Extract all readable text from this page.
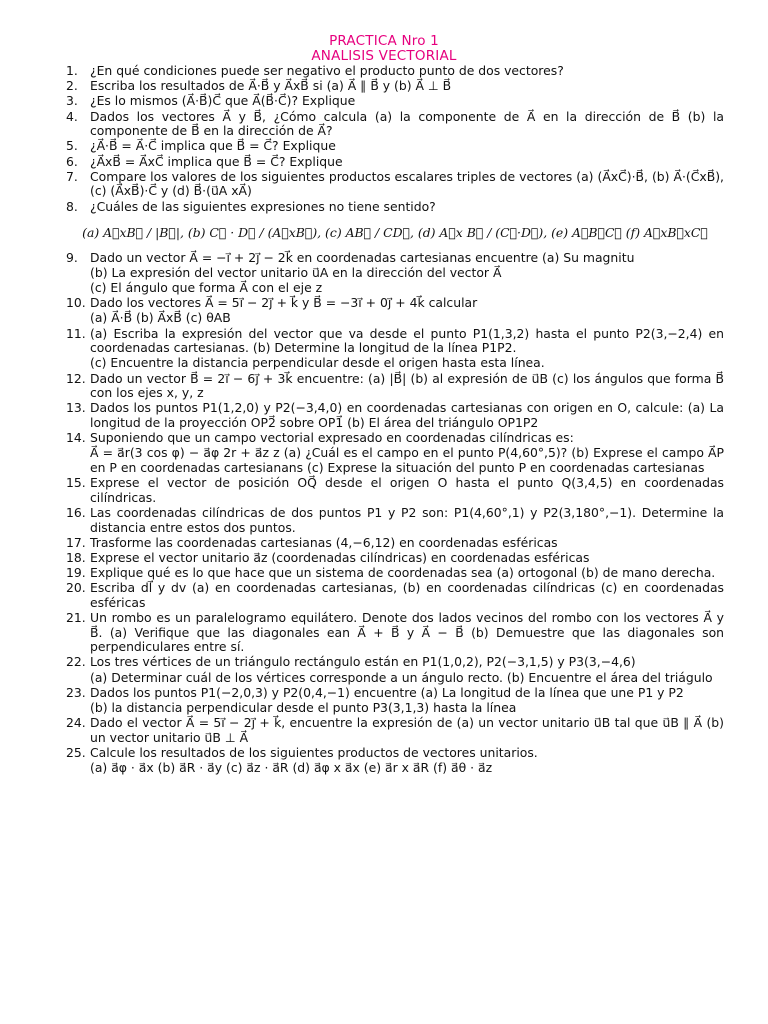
PRACTICA Nro 1
ANALISIS VECTORIAL
1. ¿En qué condiciones puede ser negativo el producto punto de dos vectores?
2. Escriba los resultados de A⃗·B⃗ y A⃗xB⃗ si (a) A⃗ ∥ B⃗ y (b) A⃗ ⊥ B⃗
3. ¿Es lo mismos (A⃗·B⃗)C⃗ que A⃗(B⃗·C⃗)? Explique
4. Dados los vectores A⃗ y B⃗, ¿Cómo calcula (a) la componente de A⃗ en la dirección de B⃗ (b) la componente de B⃗ en la dirección de A⃗?
5. ¿A⃗·B⃗ = A⃗·C⃗ implica que B⃗ = C⃗? Explique
6. ¿A⃗xB⃗ = A⃗xC⃗ implica que B⃗ = C⃗? Explique
7. Compare los valores de los siguientes productos escalares triples de vectores (a) (A⃗xC⃗)·B⃗, (b) A⃗·(C⃗xB⃗), (c) (A⃗xB⃗)·C⃗ y (d) B⃗·(u⃗A xA⃗)
8. ¿Cuáles de las siguientes expresiones no tiene sentido?
(a) A⃗xB⃗ / |B⃗|, (b) C⃗ · D⃗ / (A⃗xB⃗), (c) AB⃗ / CD⃗, (d) A⃗x B⃗ / (C⃗·D⃗), (e) A⃗B⃗C⃗ (f) A⃗xB⃗xC⃗
9. Dado un vector A⃗ = −i⃗ + 2j⃗ − 2k⃗ en coordenadas cartesianas encuentre (a) Su magnitu
(b) La expresión del vector unitario u⃗A en la dirección del vector A⃗
(c) El ángulo que forma A⃗ con el eje z
10. Dado los vectores A⃗ = 5i⃗ − 2j⃗ + k⃗ y B⃗ = −3i⃗ + 0j⃗ + 4k⃗ calcular
(a) A⃗·B⃗ (b) A⃗xB⃗ (c) θAB
11. (a) Escriba la expresión del vector que va desde el punto P1(1,3,2) hasta el punto P2(3,−2,4) en coordenadas cartesianas. (b) Determine la longitud de la línea P1P2.
(c) Encuentre la distancia perpendicular desde el origen hasta esta línea.
12. Dado un vector B⃗ = 2i⃗ − 6j⃗ + 3k⃗ encuentre: (a) |B⃗| (b) al expresión de u⃗B (c) los ángulos que forma B⃗ con los ejes x, y, z
13. Dados los puntos P1(1,2,0) y P2(−3,4,0) en coordenadas cartesianas con origen en O, calcule: (a) La longitud de la proyección OP2⃗ sobre OP1⃗ (b) El área del triángulo OP1P2
14. Suponiendo que un campo vectorial expresado en coordenadas cilíndricas es:
A⃗ = a⃗r(3 cos φ) − a⃗φ 2r + a⃗z z (a) ¿Cuál es el campo en el punto P(4,60°,5)? (b) Exprese el campo A⃗P en P en coordenadas cartesianans (c) Exprese la situación del punto P en coordenadas cartesianas
15. Exprese el vector de posición OQ⃗ desde el origen O hasta el punto Q(3,4,5) en coordenadas cilíndricas.
16. Las coordenadas cilíndricas de dos puntos P1 y P2 son: P1(4,60°,1) y P2(3,180°,−1). Determine la distancia entre estos dos puntos.
17. Trasforme las coordenadas cartesianas (4,−6,12) en coordenadas esféricas
18. Exprese el vector unitario a⃗z (coordenadas cilíndricas) en coordenadas esféricas
19. Explique qué es lo que hace que un sistema de coordenadas sea (a) ortogonal (b) de mano derecha.
20. Escriba dl⃗ y dv (a) en coordenadas cartesianas, (b) en coordenadas cilíndricas (c) en coordenadas esféricas
21. Un rombo es un paralelogramo equilátero. Denote dos lados vecinos del rombo con los vectores A⃗ y B⃗. (a) Verifique que las diagonales ean A⃗ + B⃗ y A⃗ − B⃗ (b) Demuestre que las diagonales son perpendiculares entre sí.
22. Los tres vértices de un triángulo rectángulo están en P1(1,0,2), P2(−3,1,5) y P3(3,−4,6)
(a) Determinar cuál de los vértices corresponde a un ángulo recto. (b) Encuentre el área del triágulo
23. Dados los puntos P1(−2,0,3) y P2(0,4,−1) encuentre (a) La longitud de la línea que une P1 y P2
(b) la distancia perpendicular desde el punto P3(3,1,3) hasta la línea
24. Dado el vector A⃗ = 5i⃗ − 2j⃗ + k⃗, encuentre la expresión de (a) un vector unitario u⃗B tal que u⃗B ∥ A⃗ (b) un vector unitario u⃗B ⊥ A⃗
25. Calcule los resultados de los siguientes productos de vectores unitarios.
(a) a⃗φ · a⃗x (b) a⃗R · a⃗y (c) a⃗z · a⃗R (d) a⃗φ x a⃗x (e) a⃗r x a⃗R (f) a⃗θ · a⃗z
